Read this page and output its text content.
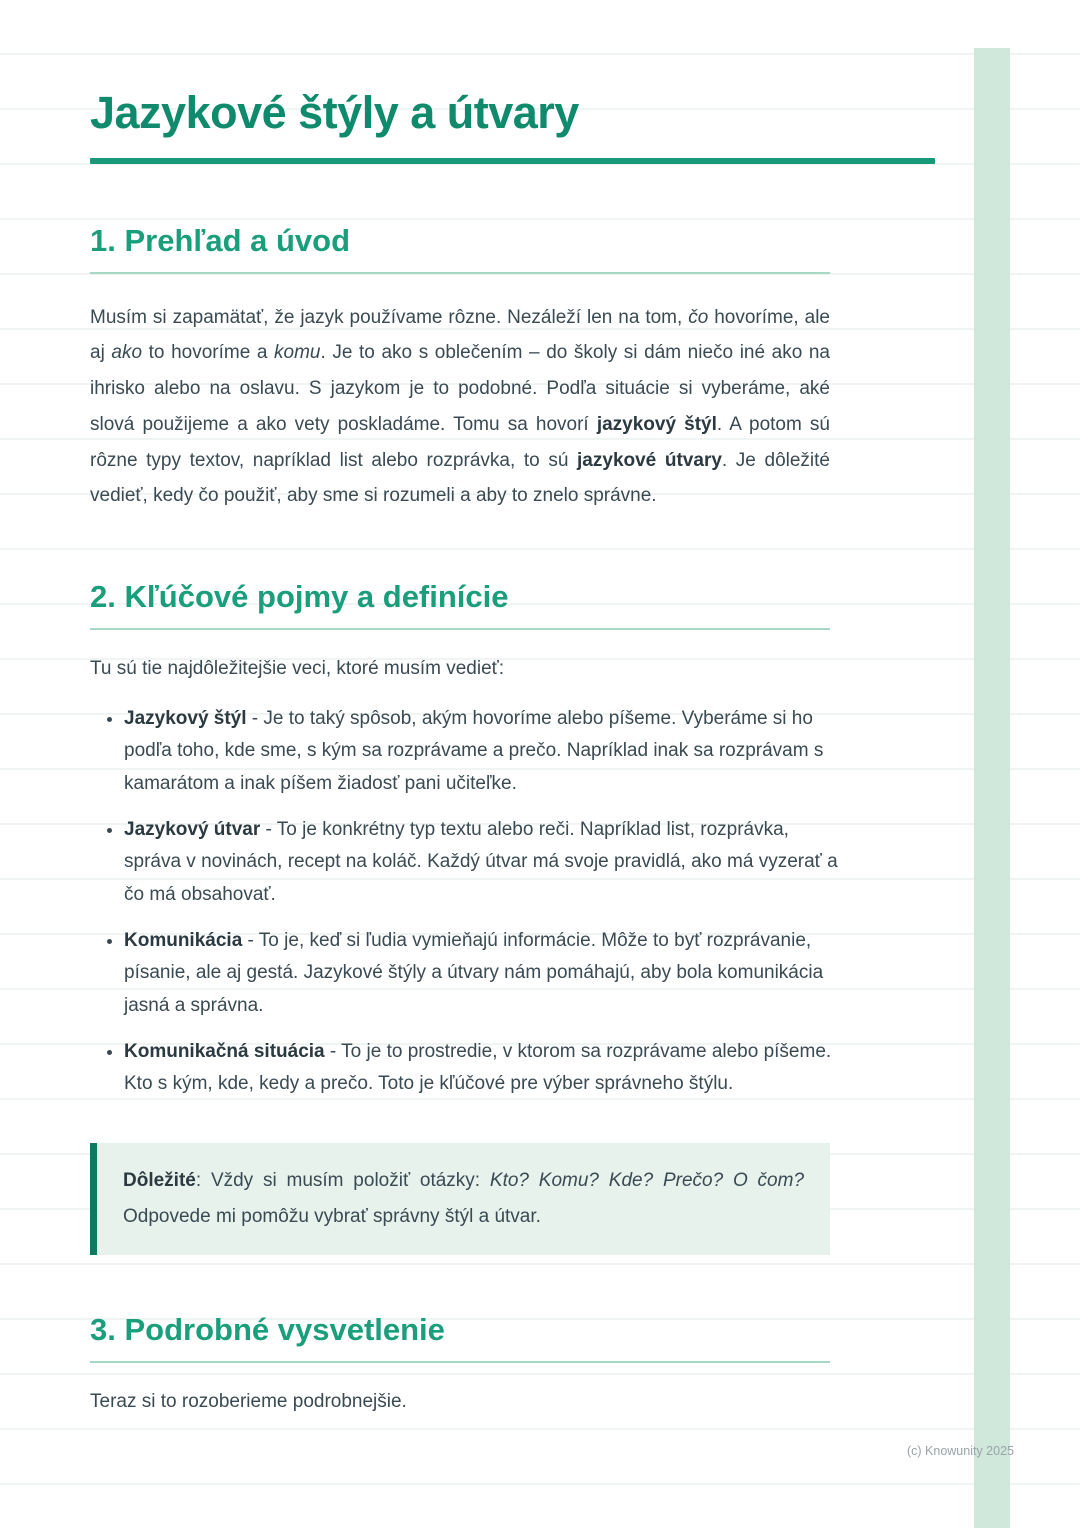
Jazykové štýly a útvary
1. Prehľad a úvod

Musím si zapamätať, že jazyk používame rôzne. Nezáleží len na tom, čo hovoríme, ale aj ako to hovoríme a komu. Je to ako s oblečením – do školy si dám niečo iné ako na ihrisko alebo na oslavu. S jazykom je to podobné. Podľa situácie si vyberáme, aké slová použijeme a ako vety poskladáme. Tomu sa hovorí jazykový štýl. A potom sú rôzne typy textov, napríklad list alebo rozprávka, to sú jazykové útvary. Je dôležité vedieť, kedy čo použiť, aby sme si rozumeli a aby to znelo správne.

2. Kľúčové pojmy a definície

Tu sú tie najdôležitejšie veci, ktoré musím vedieť:

• Jazykový štýl - Je to taký spôsob, akým hovoríme alebo píšeme. Vyberáme si ho podľa toho, kde sme, s kým sa rozprávame a prečo. Napríklad inak sa rozprávam s kamarátom a inak píšem žiadosť pani učiteľke.
• Jazykový útvar - To je konkrétny typ textu alebo reči. Napríklad list, rozprávka, správa v novinách, recept na koláč. Každý útvar má svoje pravidlá, ako má vyzerať a čo má obsahovať.
• Komunikácia - To je, keď si ľudia vymieňajú informácie. Môže to byť rozprávanie, písanie, ale aj gestá. Jazykové štýly a útvary nám pomáhajú, aby bola komunikácia jasná a správna.
• Komunikačná situácia - To je to prostredie, v ktorom sa rozprávame alebo píšeme. Kto s kým, kde, kedy a prečo. Toto je kľúčové pre výber správneho štýlu.

Dôležité: Vždy si musím položiť otázky: Kto? Komu? Kde? Prečo? O čom? Odpovede mi pomôžu vybrať správny štýl a útvar.

3. Podrobné vysvetlenie

Teraz si to rozoberieme podrobnejšie.

(c) Knowunity 2025
